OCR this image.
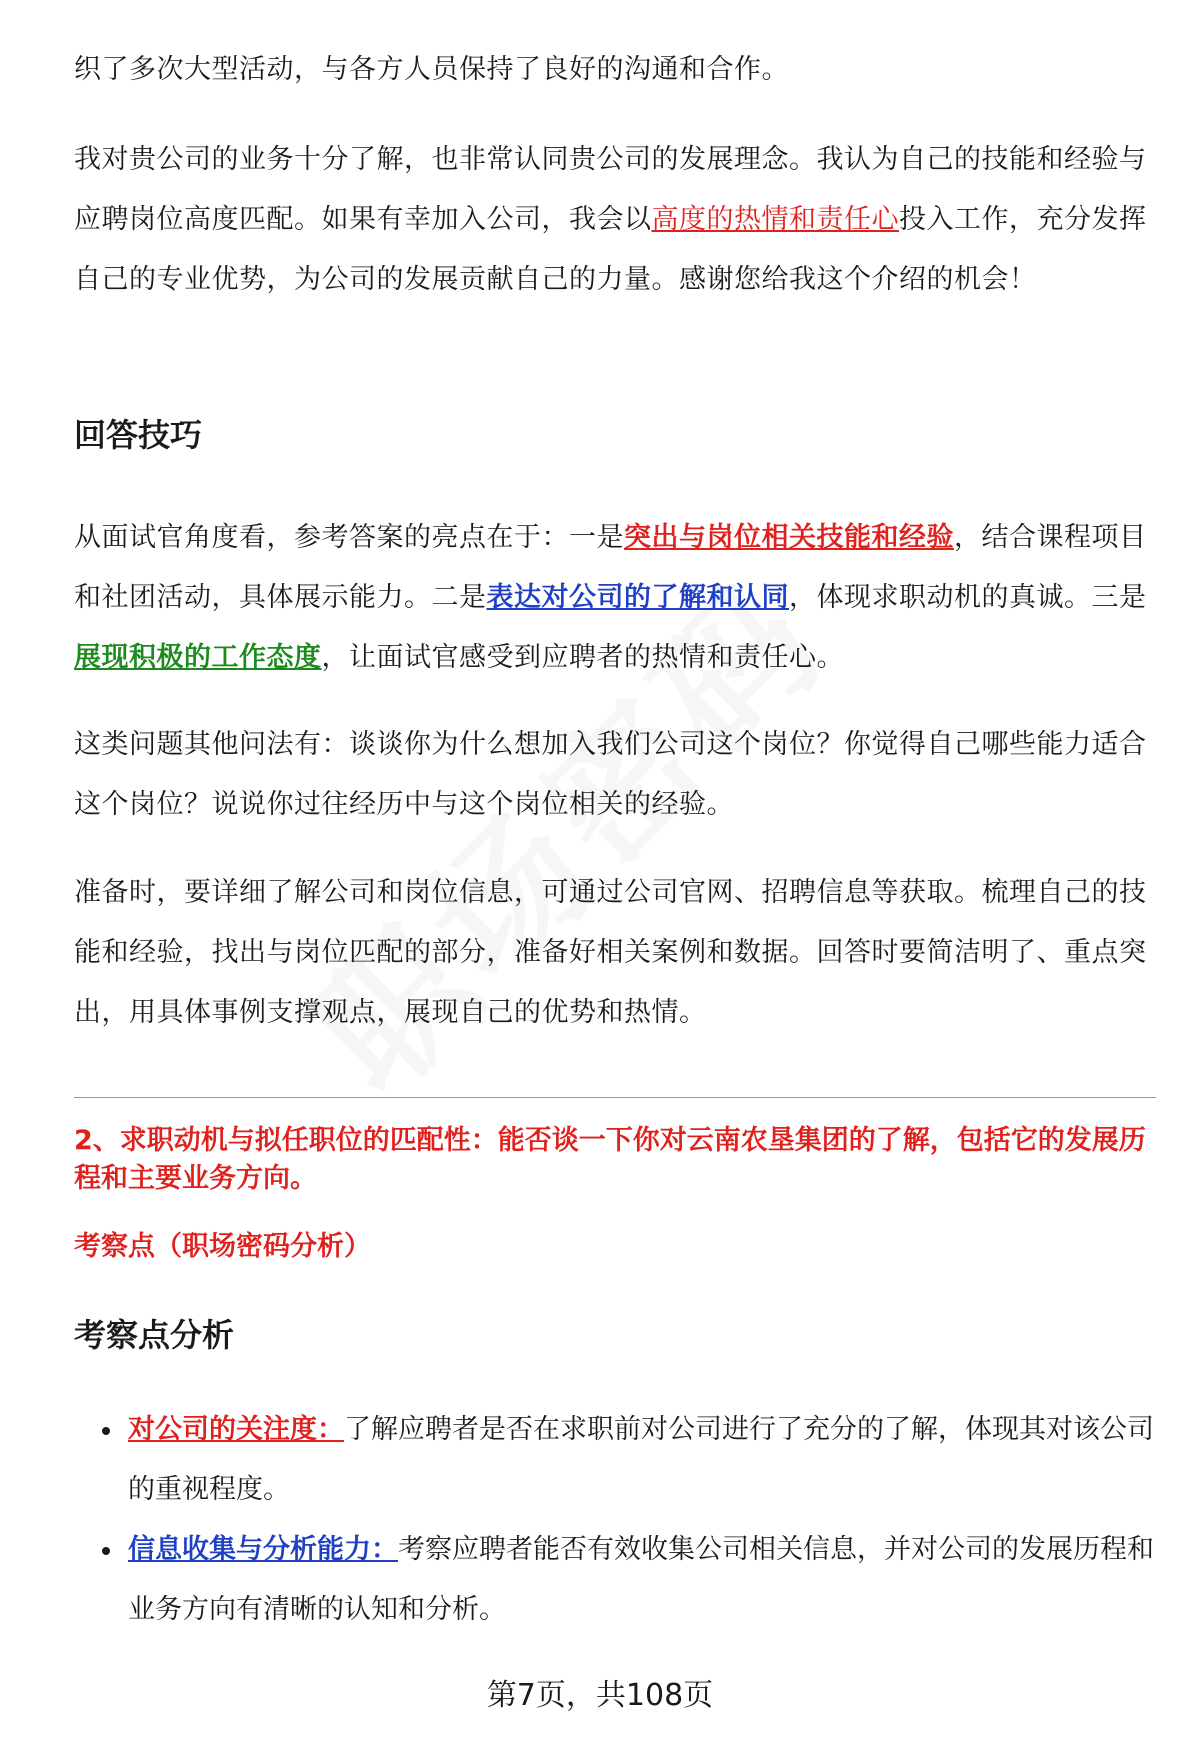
织了多次大型活动，与各方人员保持了良好的沟通和合作。

我对贵公司的业务十分了解，也非常认同贵公司的发展理念。我认为自己的技能和经验与应聘岗位高度匹配。如果有幸加入公司，我会以高度的热情和责任心投入工作，充分发挥自己的专业优势，为公司的发展贡献自己的力量。感谢您给我这个介绍的机会！

回答技巧

从面试官角度看，参考答案的亮点在于：一是突出与岗位相关技能和经验，结合课程项目和社团活动，具体展示能力。二是表达对公司的了解和认同，体现求职动机的真诚。三是展现积极的工作态度，让面试官感受到应聘者的热情和责任心。

这类问题其他问法有：谈谈你为什么想加入我们公司这个岗位？你觉得自己哪些能力适合这个岗位？说说你过往经历中与这个岗位相关的经验。

准备时，要详细了解公司和岗位信息，可通过公司官网、招聘信息等获取。梳理自己的技能和经验，找出与岗位匹配的部分，准备好相关案例和数据。回答时要简洁明了、重点突出，用具体事例支撑观点，展现自己的优势和热情。

2、求职动机与拟任职位的匹配性：能否谈一下你对云南农垦集团的了解，包括它的发展历程和主要业务方向。

考察点（职场密码分析）

考察点分析
对公司的关注度：了解应聘者是否在求职前对公司进行了充分的了解，体现其对该公司的重视程度。
信息收集与分析能力：考察应聘者能否有效收集公司相关信息，并对公司的发展历程和业务方向有清晰的认知和分析。
第7页，共108页
